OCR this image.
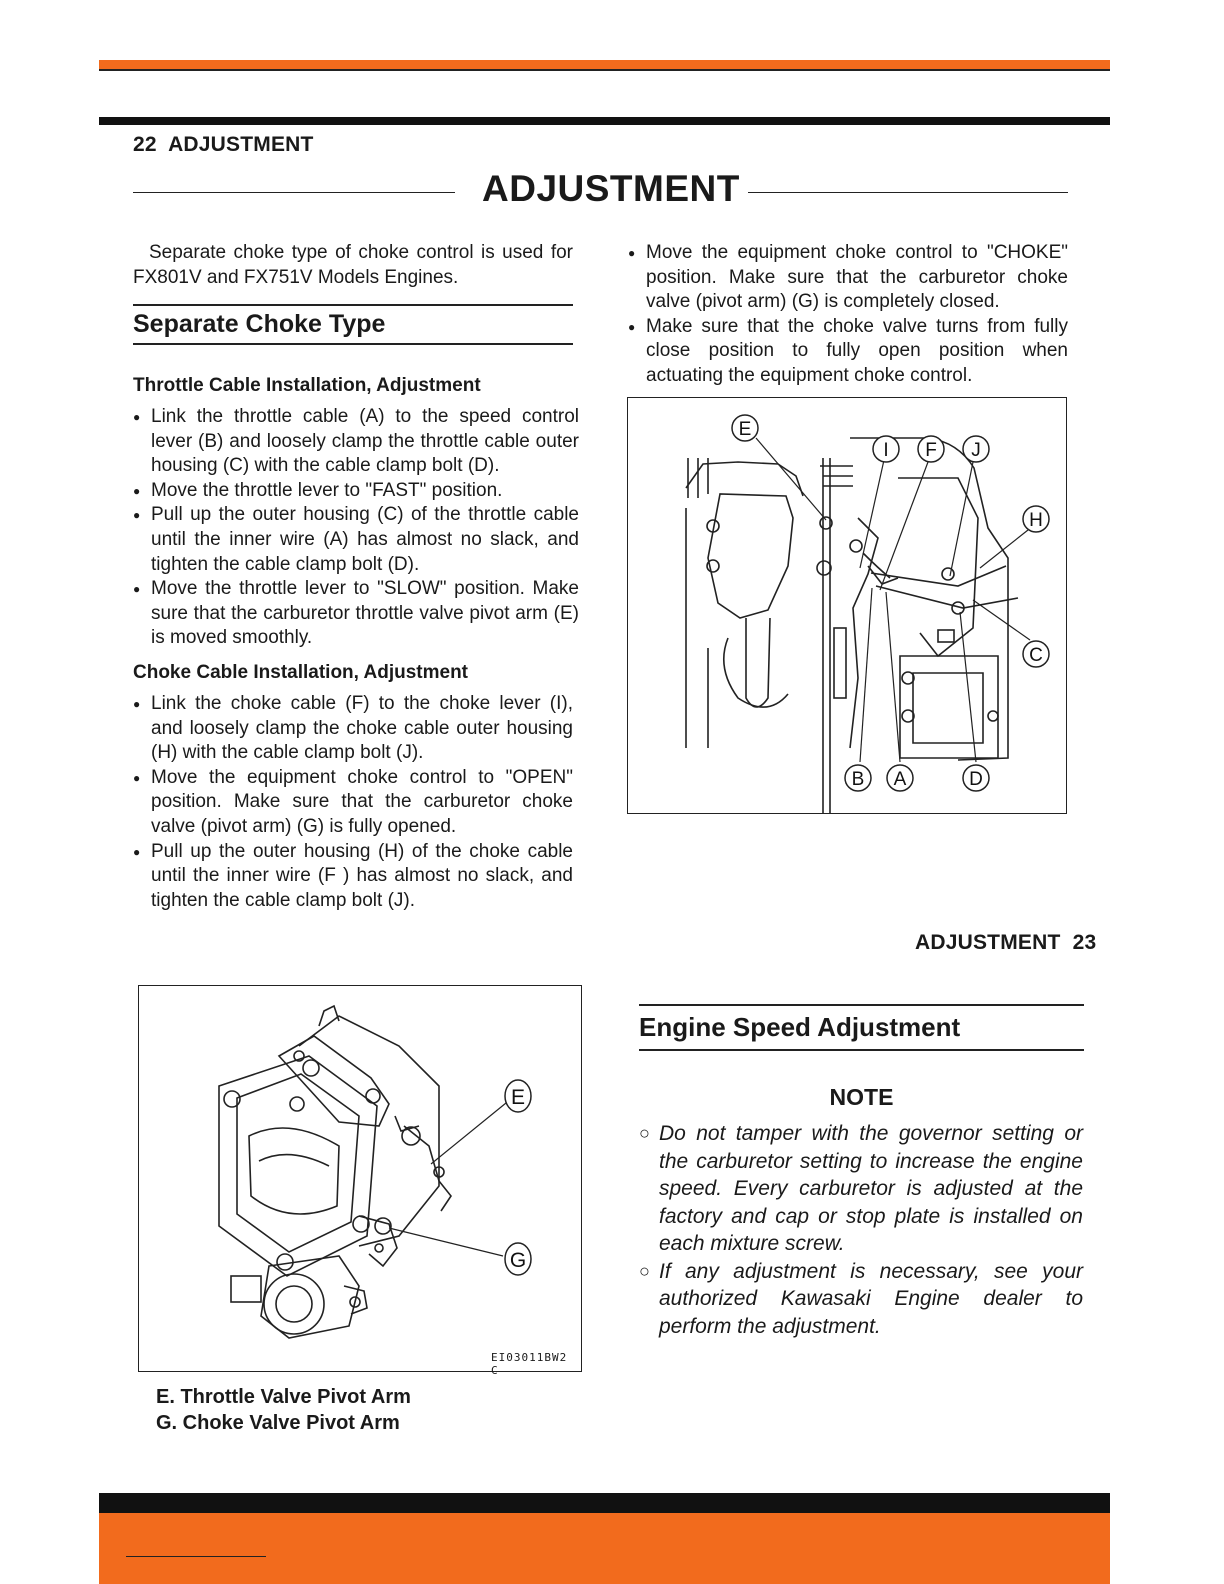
22 ADJUSTMENT
ADJUSTMENT
Separate choke type of choke control is used for FX801V and FX751V Models Engines.
Separate Choke Type
Throttle Cable Installation, Adjustment
● Link the throttle cable (A) to the speed control lever (B) and loosely clamp the throttle cable outer housing (C) with the cable clamp bolt (D).
● Move the throttle lever to "FAST" position.
● Pull up the outer housing (C) of the throttle cable until the inner wire (A) has almost no slack, and tighten the cable clamp bolt (D).
● Move the throttle lever to "SLOW" position. Make sure that the carburetor throttle valve pivot arm (E) is moved smoothly.
Choke Cable Installation, Adjustment
● Link the choke cable (F) to the choke lever (I), and loosely clamp the choke cable outer housing (H) with the cable clamp bolt (J).
● Move the equipment choke control to "OPEN" position. Make sure that the carburetor choke valve (pivot arm) (G) is fully opened.
● Pull up the outer housing (H) of the choke cable until the inner wire (F ) has almost no slack, and tighten the cable clamp bolt (J).
● Move the equipment choke control to "CHOKE" position. Make sure that the carburetor choke valve (pivot arm) (G) is completely closed.
● Make sure that the choke valve turns from fully close position to fully open position when actuating the equipment choke control.
E
I F J
H
C
B A	D
ADJUSTMENT 23
E
G
EI03011BW2 C
E. Throttle Valve Pivot Arm
G. Choke Valve Pivot Arm
Engine Speed Adjustment
NOTE
○ Do not tamper with the governor setting or the carburetor setting to increase the engine speed. Every carburetor is adjusted at the factory and cap or stop plate is installed on each mixture screw.
○ If any adjustment is necessary, see your authorized Kawasaki Engine dealer to perform the adjustment.
